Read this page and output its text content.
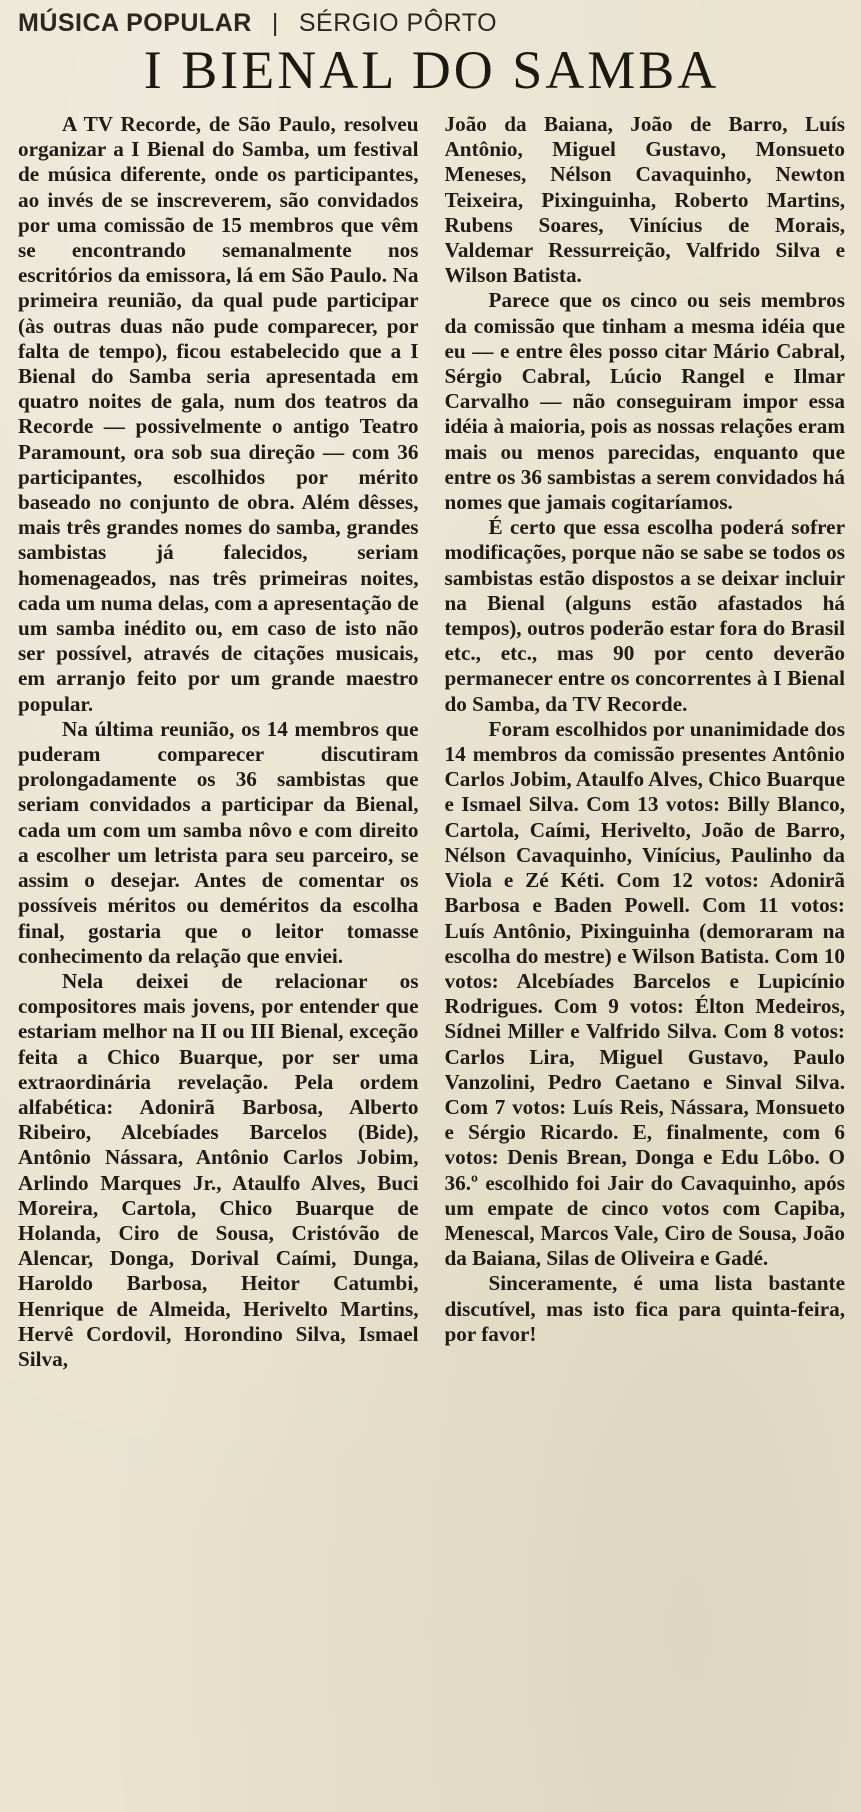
MÚSICA POPULAR | SÉRGIO PÔRTO
I BIENAL DO SAMBA

A TV Recorde, de São Paulo, resolveu organizar a I Bienal do Samba, um festival de música diferente, onde os participantes, ao invés de se inscreverem, são convidados por uma comissão de 15 membros que vêm se encontrando semanalmente nos escritórios da emissora, lá em São Paulo. Na primeira reunião, da qual pude participar (às outras duas não pude comparecer, por falta de tempo), ficou estabelecido que a I Bienal do Samba seria apresentada em quatro noites de gala, num dos teatros da Recorde — possivelmente o antigo Teatro Paramount, ora sob sua direção — com 36 participantes, escolhidos por mérito baseado no conjunto de obra. Além dêsses, mais três grandes nomes do samba, grandes sambistas já falecidos, seriam homenageados, nas três primeiras noites, cada um numa delas, com a apresentação de um samba inédito ou, em caso de isto não ser possível, através de citações musicais, em arranjo feito por um grande maestro popular.

Na última reunião, os 14 membros que puderam comparecer discutiram prolongadamente os 36 sambistas que seriam convidados a participar da Bienal, cada um com um samba nôvo e com direito a escolher um letrista para seu parceiro, se assim o desejar. Antes de comentar os possíveis méritos ou deméritos da escolha final, gostaria que o leitor tomasse conhecimento da relação que enviei.

Nela deixei de relacionar os compositores mais jovens, por entender que estariam melhor na II ou III Bienal, exceção feita a Chico Buarque, por ser uma extraordinária revelação. Pela ordem alfabética: Adonirã Barbosa, Alberto Ribeiro, Alcebíades Barcelos (Bide), Antônio Nássara, Antônio Carlos Jobim, Arlindo Marques Jr., Ataulfo Alves, Buci Moreira, Cartola, Chico Buarque de Holanda, Ciro de Sousa, Cristóvão de Alencar, Donga, Dorival Caími, Dunga, Haroldo Barbosa, Heitor Catumbi, Henrique de Almeida, Herivelto Martins, Hervê Cordovil, Horondino Silva, Ismael Silva,

João da Baiana, João de Barro, Luís Antônio, Miguel Gustavo, Monsueto Meneses, Nélson Cavaquinho, Newton Teixeira, Pixinguinha, Roberto Martins, Rubens Soares, Vinícius de Morais, Valdemar Ressurreição, Valfrido Silva e Wilson Batista.

Parece que os cinco ou seis membros da comissão que tinham a mesma idéia que eu — e entre êles posso citar Mário Cabral, Sérgio Cabral, Lúcio Rangel e Ilmar Carvalho — não conseguiram impor essa idéia à maioria, pois as nossas relações eram mais ou menos parecidas, enquanto que entre os 36 sambistas a serem convidados há nomes que jamais cogitaríamos.

É certo que essa escolha poderá sofrer modificações, porque não se sabe se todos os sambistas estão dispostos a se deixar incluir na Bienal (alguns estão afastados há tempos), outros poderão estar fora do Brasil etc., etc., mas 90 por cento deverão permanecer entre os concorrentes à I Bienal do Samba, da TV Recorde.

Foram escolhidos por unanimidade dos 14 membros da comissão presentes Antônio Carlos Jobim, Ataulfo Alves, Chico Buarque e Ismael Silva. Com 13 votos: Billy Blanco, Cartola, Caími, Herivelto, João de Barro, Nélson Cavaquinho, Vinícius, Paulinho da Viola e Zé Kéti. Com 12 votos: Adonirã Barbosa e Baden Powell. Com 11 votos: Luís Antônio, Pixinguinha (demoraram na escolha do mestre) e Wilson Batista. Com 10 votos: Alcebíades Barcelos e Lupicínio Rodrigues. Com 9 votos: Élton Medeiros, Sídnei Miller e Valfrido Silva. Com 8 votos: Carlos Lira, Miguel Gustavo, Paulo Vanzolini, Pedro Caetano e Sinval Silva. Com 7 votos: Luís Reis, Nássara, Monsueto e Sérgio Ricardo. E, finalmente, com 6 votos: Denis Brean, Donga e Edu Lôbo. O 36.º escolhido foi Jair do Cavaquinho, após um empate de cinco votos com Capiba, Menescal, Marcos Vale, Ciro de Sousa, João da Baiana, Silas de Oliveira e Gadé.

Sinceramente, é uma lista bastante discutível, mas isto fica para quinta-feira, por favor!
